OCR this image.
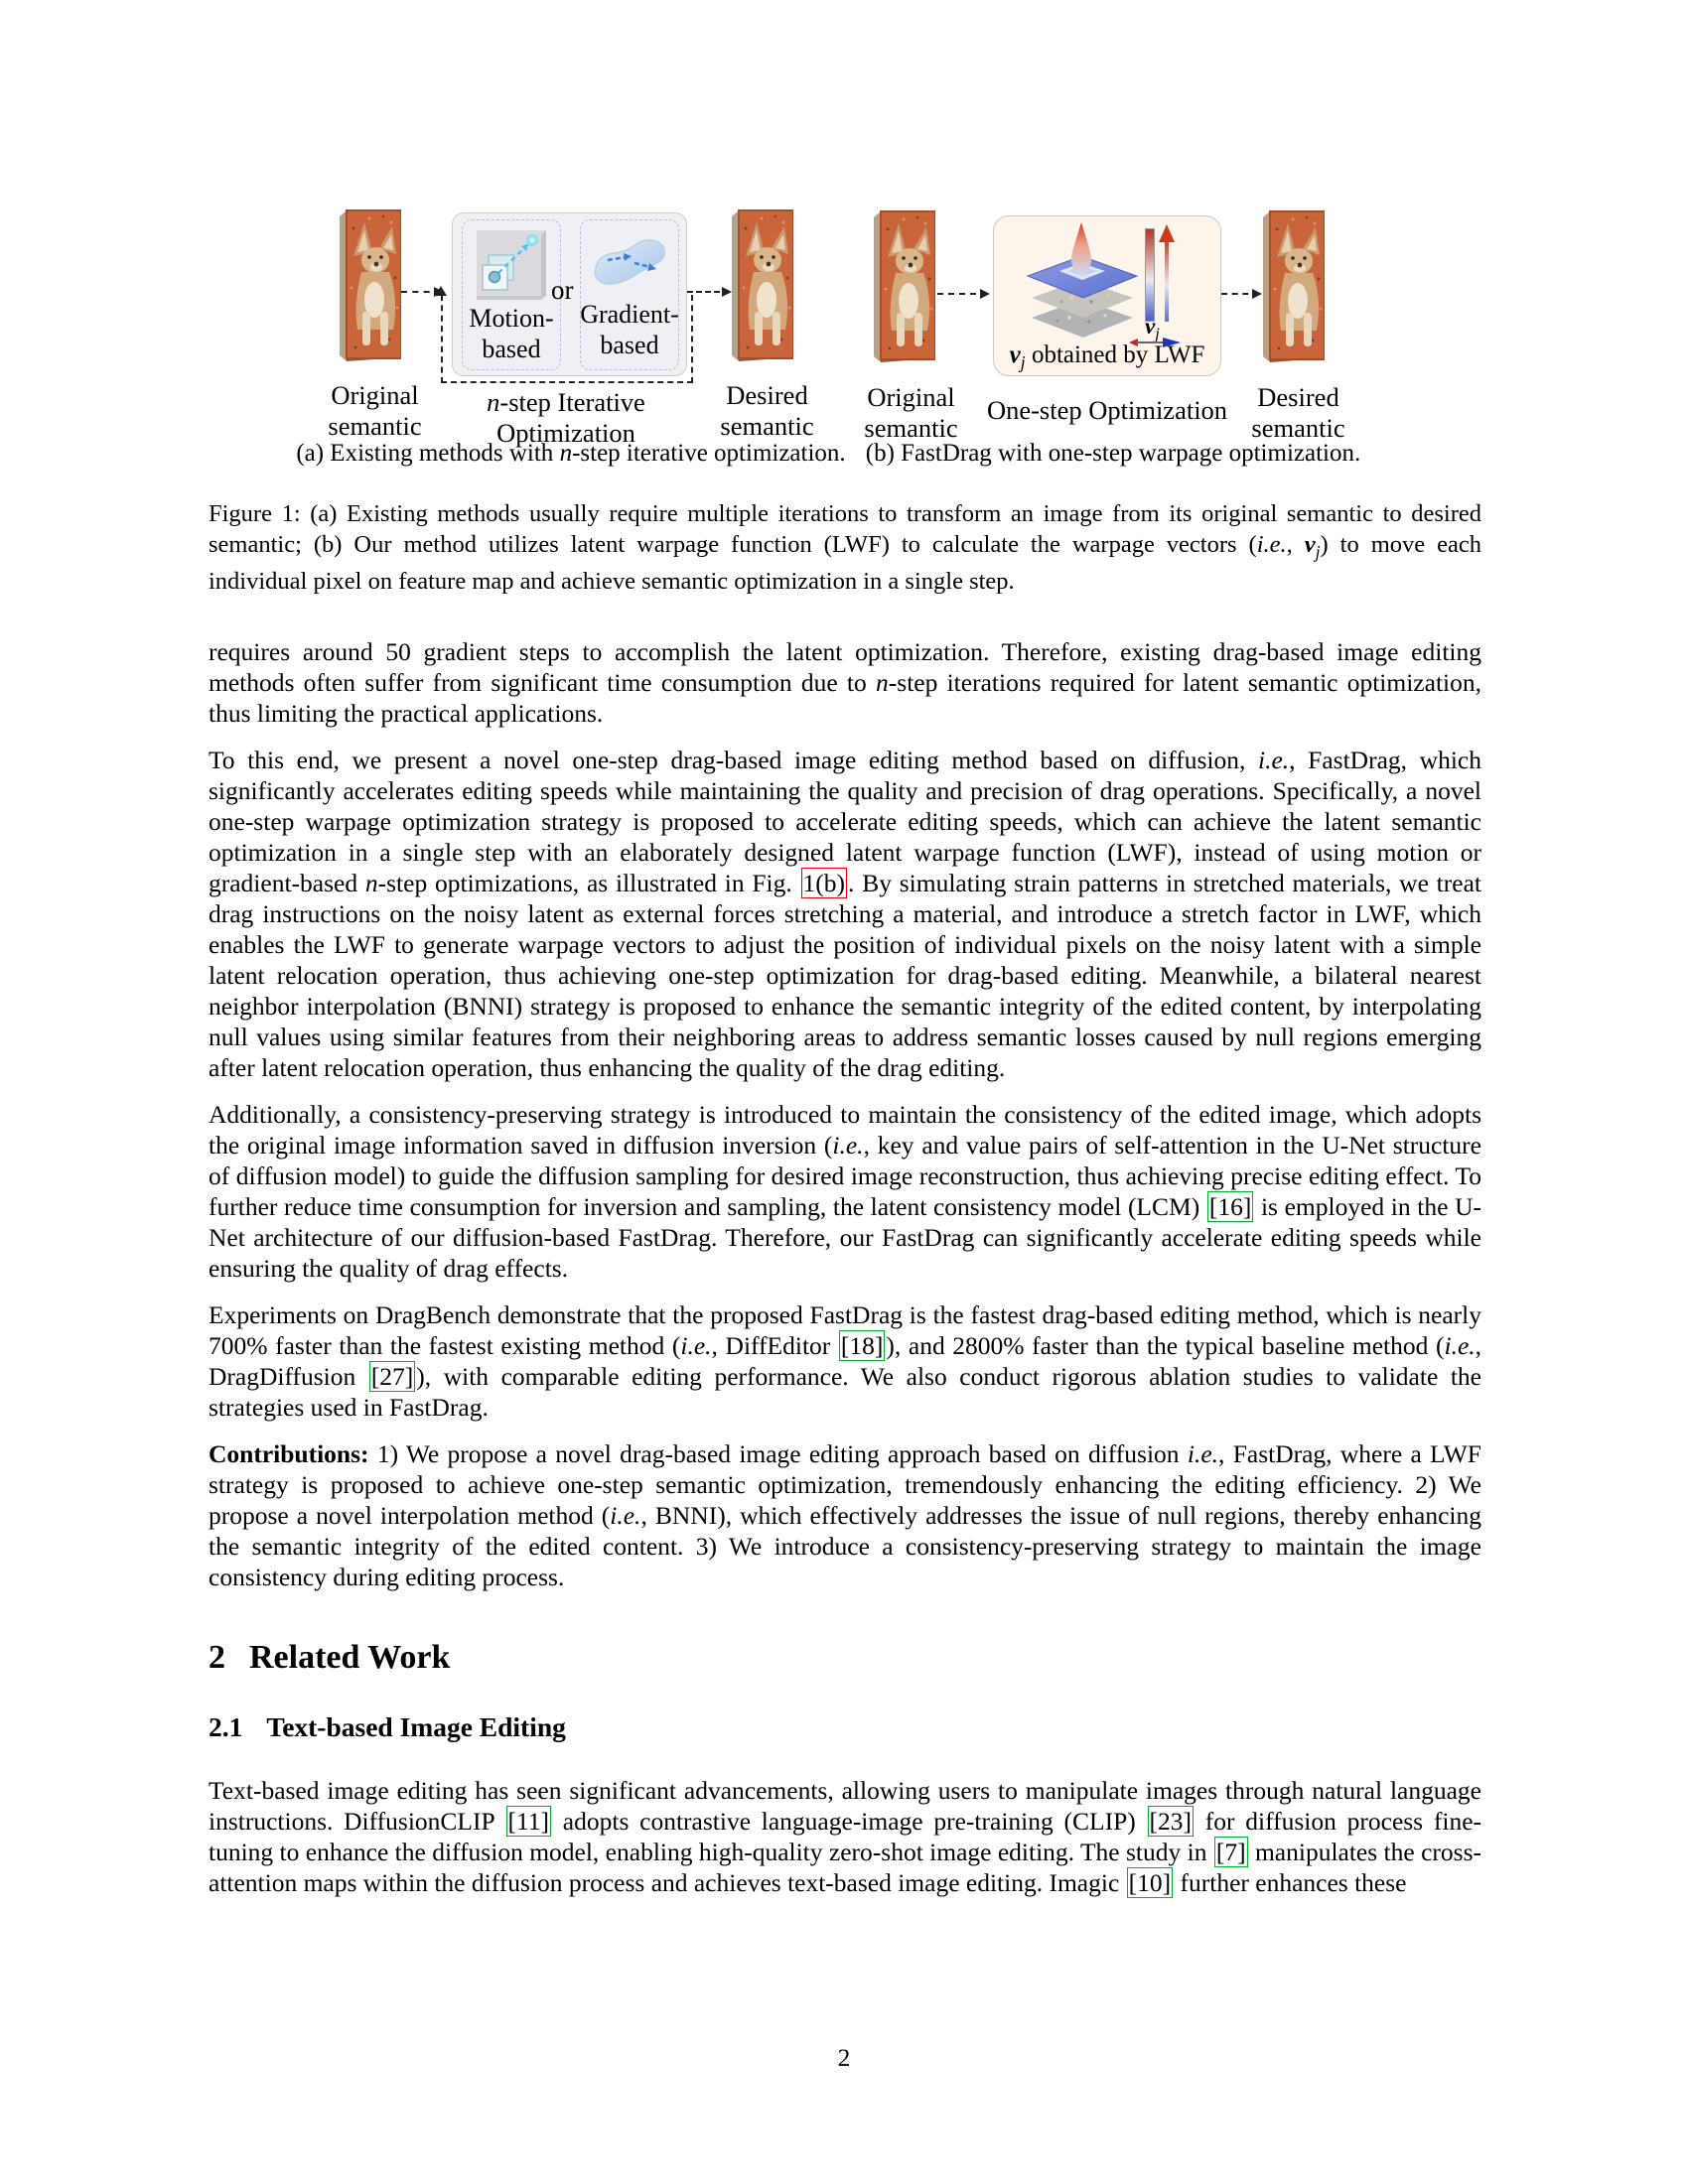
Motion-
based
or
Gradient-
based
Original
semantic
n-step Iterative
Optimization
Desired
semantic
(a) Existing methods with n-step iterative optimization.
$v_j$
$v_j$ obtained by LWF
Original
semantic
One-step Optimization	Desired
semantic
(b) FastDrag with one-step warpage optimization.
Figure 1: (a) Existing methods usually require multiple iterations to transform an image from its original semantic to desired semantic; (b) Our method utilizes latent warpage function (LWF) to calculate the warpage vectors (i.e., $v_j$) to move each individual pixel on feature map and achieve semantic optimization in a single step.

requires around 50 gradient steps to accomplish the latent optimization. Therefore, existing drag-based image editing methods often suffer from significant time consumption due to n-step iterations required for latent semantic optimization, thus limiting the practical applications.

To this end, we present a novel one-step drag-based image editing method based on diffusion, i.e., FastDrag, which significantly accelerates editing speeds while maintaining the quality and precision of drag operations. Specifically, a novel one-step warpage optimization strategy is proposed to accelerate editing speeds, which can achieve the latent semantic optimization in a single step with an elaborately designed latent warpage function (LWF), instead of using motion or gradient-based n-step optimizations, as illustrated in Fig. 1(b) . By simulating strain patterns in stretched materials, we treat drag instructions on the noisy latent as external forces stretching a material, and introduce a stretch factor in LWF, which enables the LWF to generate warpage vectors to adjust the position of individual pixels on the noisy latent with a simple latent relocation operation, thus achieving one-step optimization for drag-based editing. Meanwhile, a bilateral nearest neighbor interpolation (BNNI) strategy is proposed to enhance the semantic integrity of the edited content, by interpolating null values using similar features from their neighboring areas to address semantic losses caused by null regions emerging after latent relocation operation, thus enhancing the quality of the drag editing.

Additionally, a consistency-preserving strategy is introduced to maintain the consistency of the edited image, which adopts the original image information saved in diffusion inversion (i.e., key and value pairs of self-attention in the U-Net structure of diffusion model) to guide the diffusion sampling for desired image reconstruction, thus achieving precise editing effect. To further reduce time consumption for inversion and sampling, the latent consistency model (LCM) [16] is employed in the U-Net architecture of our diffusion-based FastDrag. Therefore, our FastDrag can significantly accelerate editing speeds while ensuring the quality of drag effects.

Experiments on DragBench demonstrate that the proposed FastDrag is the fastest drag-based editing method, which is nearly 700% faster than the fastest existing method (i.e., DiffEditor [18] ), and 2800% faster than the typical baseline method (i.e., DragDiffusion [27] ), with comparable editing performance. We also conduct rigorous ablation studies to validate the strategies used in FastDrag.

Contributions: 1) We propose a novel drag-based image editing approach based on diffusion i.e., FastDrag, where a LWF strategy is proposed to achieve one-step semantic optimization, tremendously enhancing the editing efficiency. 2) We propose a novel interpolation method (i.e., BNNI), which effectively addresses the issue of null regions, thereby enhancing the semantic integrity of the edited content. 3) We introduce a consistency-preserving strategy to maintain the image consistency during editing process.

2 Related Work
2.1 Text-based Image Editing

Text-based image editing has seen significant advancements, allowing users to manipulate images through natural language instructions. DiffusionCLIP [11] adopts contrastive language-image pre-training (CLIP) [23] for diffusion process fine-tuning to enhance the diffusion model, enabling high-quality zero-shot image editing. The study in [7] manipulates the cross-attention maps within the diffusion process and achieves text-based image editing. Imagic [10] further enhances these

2
